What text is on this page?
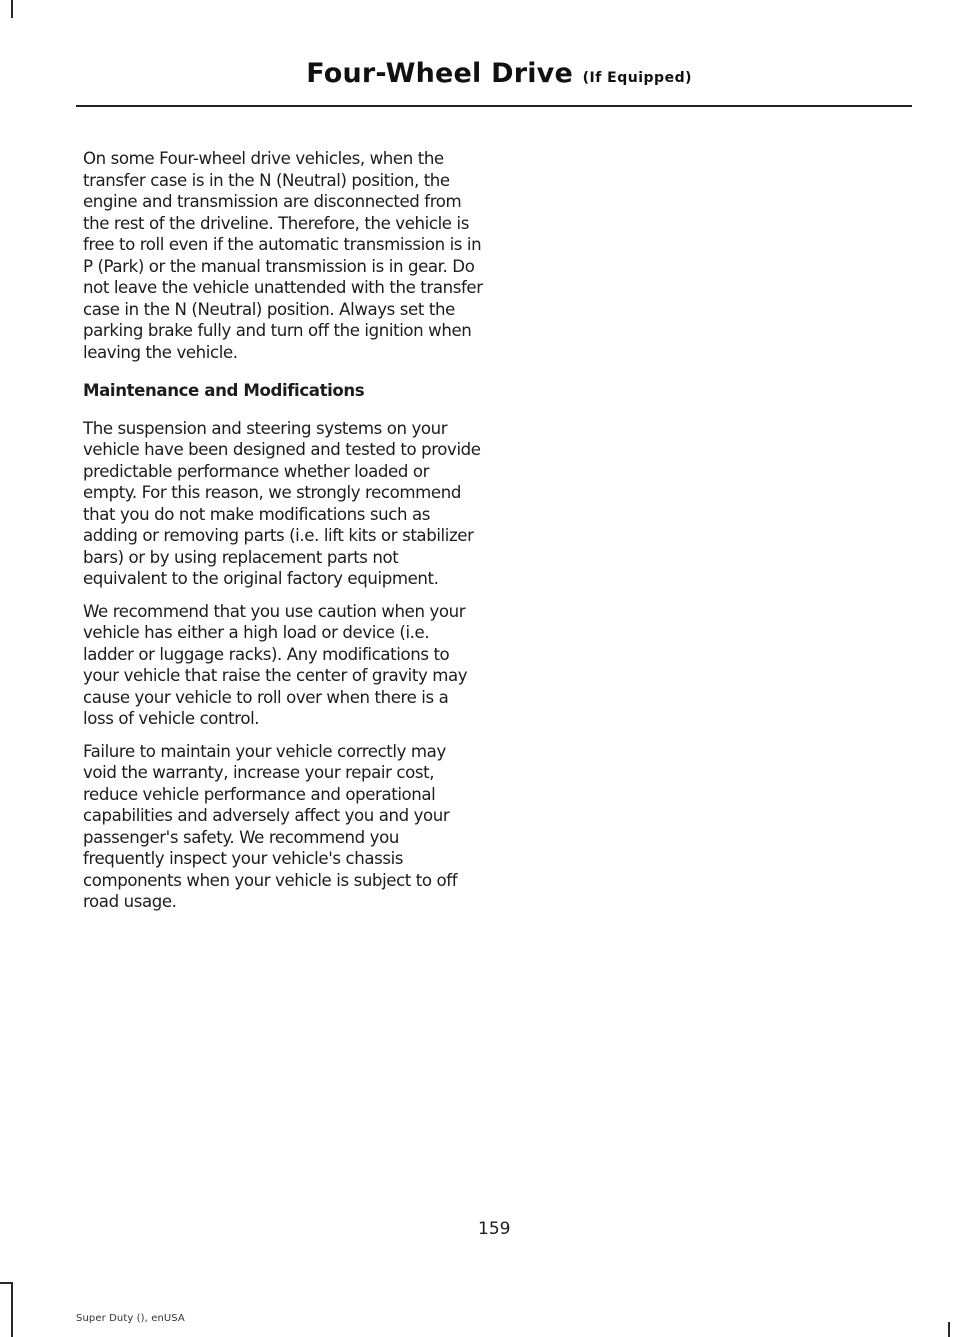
Four-Wheel Drive (If Equipped)

On some Four-wheel drive vehicles, when the transfer case is in the N (Neutral) position, the engine and transmission are disconnected from the rest of the driveline. Therefore, the vehicle is free to roll even if the automatic transmission is in P (Park) or the manual transmission is in gear. Do not leave the vehicle unattended with the transfer case in the N (Neutral) position. Always set the parking brake fully and turn off the ignition when leaving the vehicle.

Maintenance and Modifications

The suspension and steering systems on your vehicle have been designed and tested to provide predictable performance whether loaded or empty. For this reason, we strongly recommend that you do not make modifications such as adding or removing parts (i.e. lift kits or stabilizer bars) or by using replacement parts not equivalent to the original factory equipment.

We recommend that you use caution when your vehicle has either a high load or device (i.e. ladder or luggage racks). Any modifications to your vehicle that raise the center of gravity may cause your vehicle to roll over when there is a loss of vehicle control.

Failure to maintain your vehicle correctly may void the warranty, increase your repair cost, reduce vehicle performance and operational capabilities and adversely affect you and your passenger's safety. We recommend you frequently inspect your vehicle's chassis components when your vehicle is subject to off road usage.

159
Super Duty (), enUSA
